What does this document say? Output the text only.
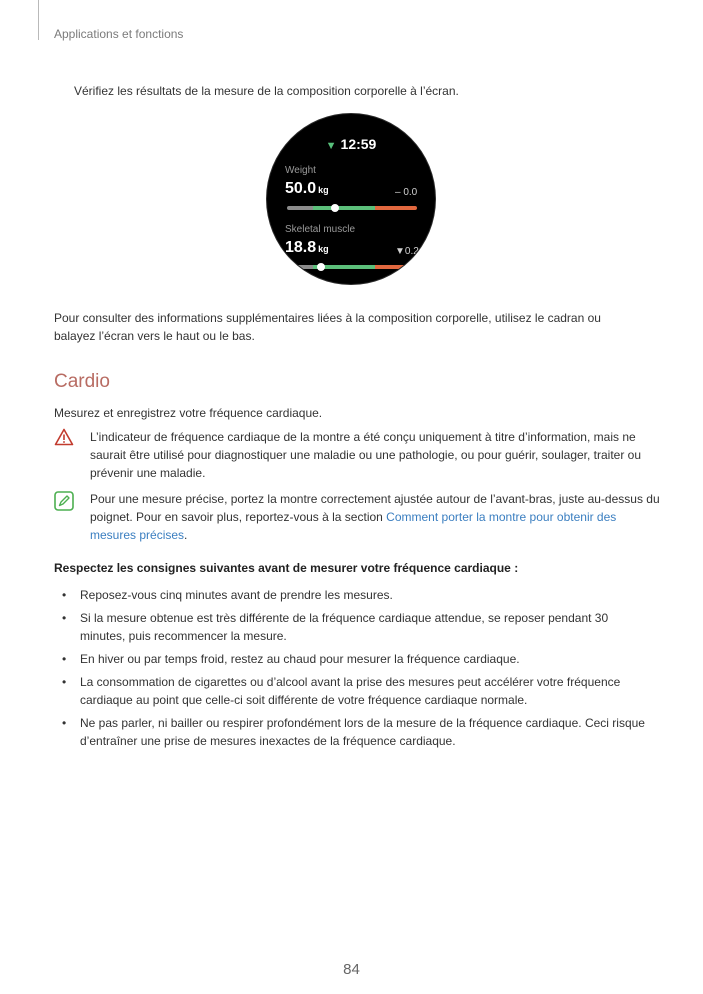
Applications et fonctions
Vérifiez les résultats de la mesure de la composition corporelle à l’écran.
▼ 12:59
Weight
50.0 kg	– 0.0
Skeletal muscle
18.8 kg	▼0.2
Pour consulter des informations supplémentaires liées à la composition corporelle, utilisez le cadran ou balayez l’écran vers le haut ou le bas.
Cardio
Mesurez et enregistrez votre fréquence cardiaque.
L’indicateur de fréquence cardiaque de la montre a été conçu uniquement à titre d’information, mais ne saurait être utilisé pour diagnostiquer une maladie ou une pathologie, ou pour guérir, soulager, traiter ou prévenir une maladie.
Pour une mesure précise, portez la montre correctement ajustée autour de l’avant-bras, juste au-dessus du poignet. Pour en savoir plus, reportez-vous à la section Comment porter la montre pour obtenir des mesures précises.
Respectez les consignes suivantes avant de mesurer votre fréquence cardiaque :
• Reposez-vous cinq minutes avant de prendre les mesures.
• Si la mesure obtenue est très différente de la fréquence cardiaque attendue, se reposer pendant 30 minutes, puis recommencer la mesure.
• En hiver ou par temps froid, restez au chaud pour mesurer la fréquence cardiaque.
• La consommation de cigarettes ou d’alcool avant la prise des mesures peut accélérer votre fréquence cardiaque au point que celle-ci soit différente de votre fréquence cardiaque normale.
• Ne pas parler, ni bailler ou respirer profondément lors de la mesure de la fréquence cardiaque. Ceci risque d’entraîner une prise de mesures inexactes de la fréquence cardiaque.
84
